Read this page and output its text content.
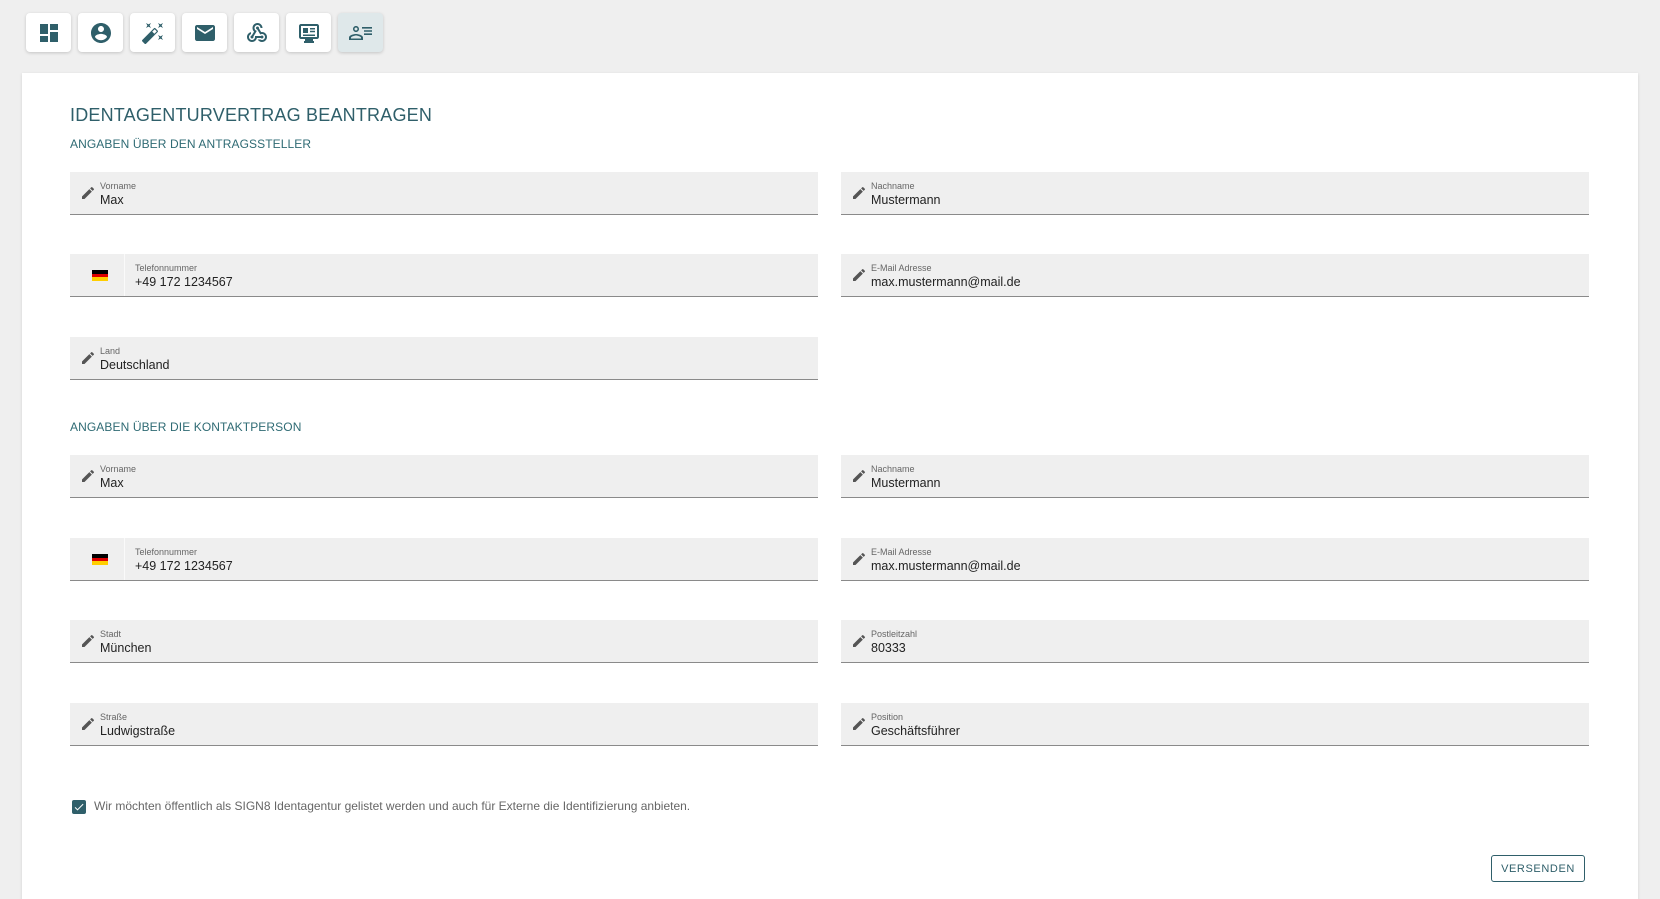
IDENTAGENTURVERTRAG BEANTRAGEN
ANGABEN ÜBER DEN ANTRAGSSTELLER
Vorname
Max
Nachname
Mustermann
Telefonnummer
+49 172 1234567
E-Mail Adresse
max.mustermann@mail.de
Land
Deutschland
ANGABEN ÜBER DIE KONTAKTPERSON
Vorname
Max
Nachname
Mustermann
Telefonnummer
+49 172 1234567
E-Mail Adresse
max.mustermann@mail.de
Stadt
München
Postleitzahl
80333
Straße
Ludwigstraße
Position
Geschäftsführer
Wir möchten öffentlich als SIGN8 Identagentur gelistet werden und auch für Externe die Identifizierung anbieten.
VERSENDEN
